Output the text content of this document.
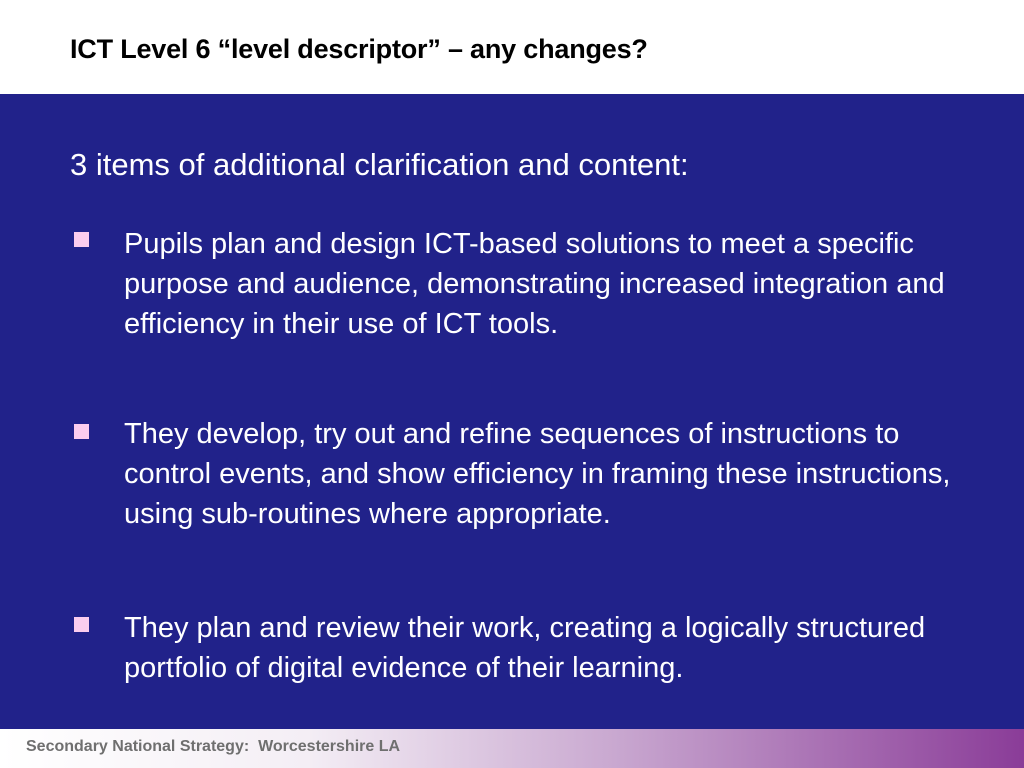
ICT Level 6 “level descriptor” – any changes?
3 items of additional clarification and content:
Pupils plan and design ICT-based solutions to meet a specific purpose and audience, demonstrating increased integration and efficiency in their use of ICT tools.
They develop, try out and refine sequences of instructions to control events, and show efficiency in framing these instructions, using sub-routines where appropriate.
They plan and review their work, creating a logically structured portfolio of digital evidence of their learning.
Secondary National Strategy:  Worcestershire LA
